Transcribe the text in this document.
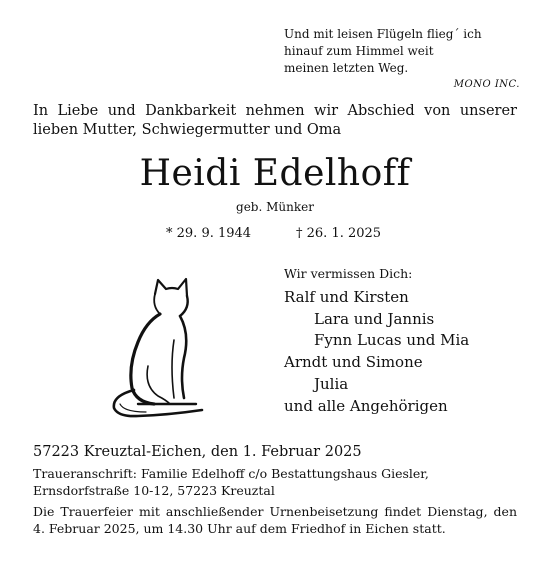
Und mit leisen Flügeln flieg´ ich
hinauf zum Himmel weit
meinen letzten Weg.
MONO INC.
In Liebe und Dankbarkeit nehmen wir Abschied von unserer lieben Mutter, Schwiegermutter und Oma
Heidi Edelhoff
geb. Münker
* 29. 9. 1944	† 26. 1. 2025
Wir vermissen Dich:
Ralf und Kirsten
Lara und Jannis
Fynn Lucas und Mia
Arndt und Simone
Julia
und alle Angehörigen
57223 Kreuztal-Eichen, den 1. Februar 2025
Traueranschrift: Familie Edelhoff c/o Bestattungshaus Giesler,
Ernsdorfstraße 10-12, 57223 Kreuztal
Die Trauerfeier mit anschließender Urnenbeisetzung findet Dienstag, den 4. Februar 2025, um 14.30 Uhr auf dem Friedhof in Eichen statt.
